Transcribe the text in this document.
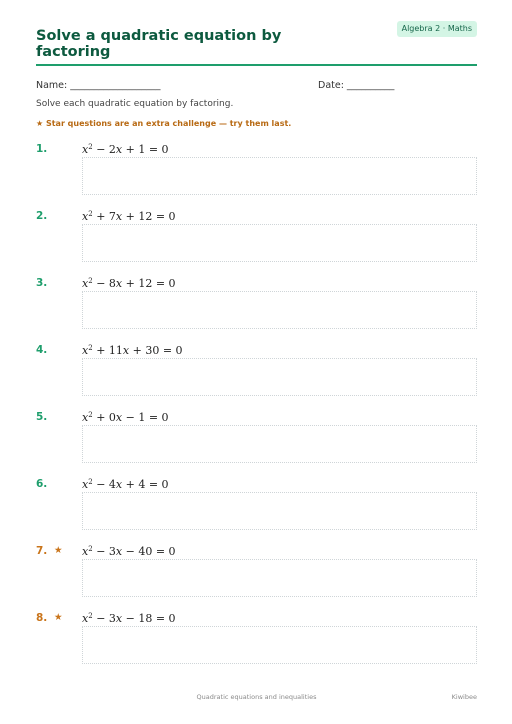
Algebra 2 · Maths
Solve a quadratic equation by factoring
Name: ___________________	Date: __________
Solve each quadratic equation by factoring.
★ Star questions are an extra challenge — try them last.
1.	$x^2 - 2x + 1 = 0$
2.	$x^2 + 7x + 12 = 0$
3.	$x^2 - 8x + 12 = 0$
4.	$x^2 + 11x + 30 = 0$
5.	$x^2 + 0x - 1 = 0$
6.	$x^2 - 4x + 4 = 0$
7. ★ $x^2 - 3x - 40 = 0$
8. ★ $x^2 - 3x - 18 = 0$
Quadratic equations and inequalities	Kiwibee
